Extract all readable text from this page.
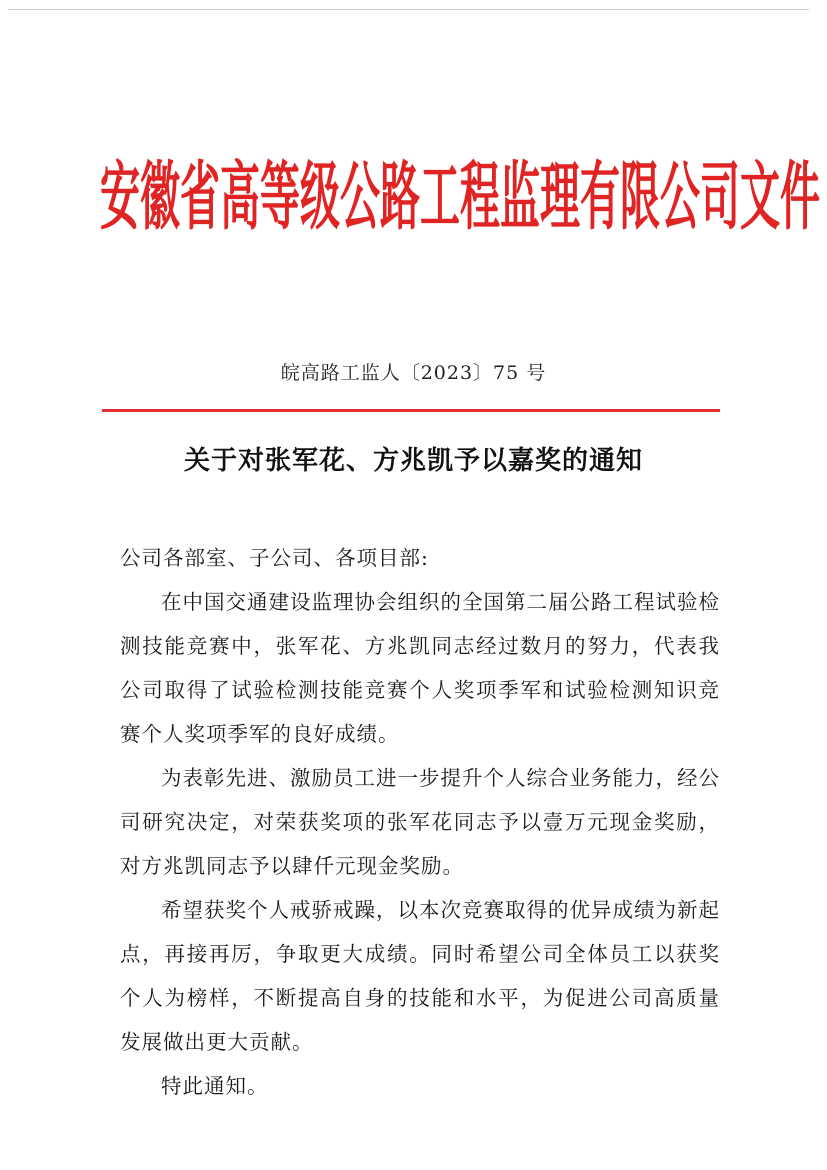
安徽省高等级公路工程监理有限公司文件
皖高路工监人〔2023〕75 号
关于对张军花、方兆凯予以嘉奖的通知

公司各部室、子公司、各项目部:

在中国交通建设监理协会组织的全国第二届公路工程试验检测技能竞赛中，张军花、方兆凯同志经过数月的努力，代表我公司取得了试验检测技能竞赛个人奖项季军和试验检测知识竞赛个人奖项季军的良好成绩。

为表彰先进、激励员工进一步提升个人综合业务能力，经公司研究决定，对荣获奖项的张军花同志予以壹万元现金奖励，对方兆凯同志予以肆仟元现金奖励。

希望获奖个人戒骄戒躁，以本次竞赛取得的优异成绩为新起点，再接再厉，争取更大成绩。同时希望公司全体员工以获奖个人为榜样，不断提高自身的技能和水平，为促进公司高质量发展做出更大贡献。

特此通知。
